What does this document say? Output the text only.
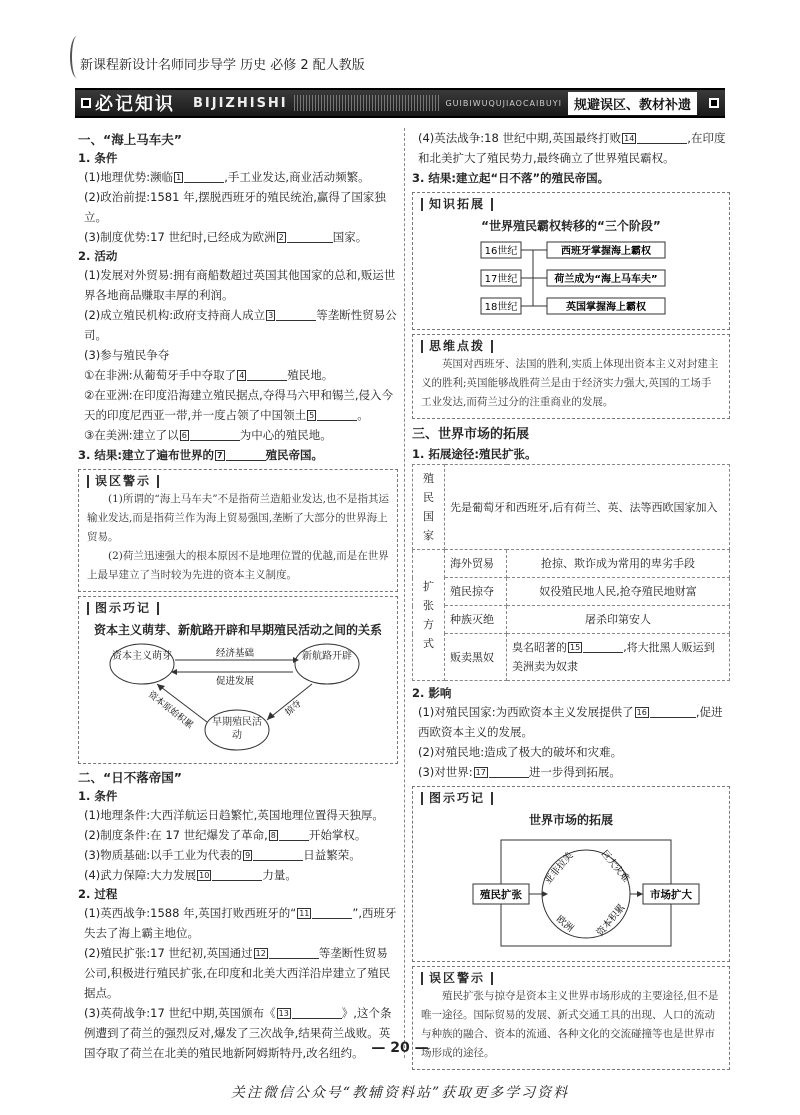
新课程新设计名师同步导学 历史 必修 2 配人教版
必记知识 BIJIZHISHI	GUIBIWUQUJIAOCAIBUYI 规避误区、教材补遗
一、“海上马车夫”
1. 条件
(1)地理优势:濒临 1	,手工业发达,商业活动频繁。
(2)政治前提:1581 年,摆脱西班牙的殖民统治,赢得了国家独立。
(3)制度优势:17 世纪时,已经成为欧洲 2	国家。
2. 活动
(1)发展对外贸易:拥有商船数超过英国其他国家的总和,贩运世界各地商品赚取丰厚的利润。
(2)成立殖民机构:政府支持商人成立 3	等垄断性贸易公司。
(3)参与殖民争夺
①在非洲:从葡萄牙手中夺取了 4	殖民地。
②在亚洲:在印度沿海建立殖民据点,夺得马六甲和锡兰,侵入今天的印度尼西亚一带,并一度占领了中国领土 5	。
③在美洲:建立了以 6	为中心的殖民地。
3. 结果:建立了遍布世界的 7	殖民帝国。
误区警示
(1)所谓的“海上马车夫”不是指荷兰造船业发达,也不是指其运输业发达,而是指荷兰作为海上贸易强国,垄断了大部分的世界海上贸易。
(2)荷兰迅速强大的根本原因不是地理位置的优越,而是在世界上最早建立了当时较为先进的资本主义制度。
图示巧记
资本主义萌芽、新航路开辟和早期殖民活动之间的关系
资本主义萌芽	新航路开辟
早期殖民活动
经济基础
促进发展
资本原始积累	掠夺
二、“日不落帝国”
1. 条件
(1)地理条件:大西洋航运日趋繁忙,英国地理位置得天独厚。
(2)制度条件:在 17 世纪爆发了革命, 8	开始掌权。
(3)物质基础:以手工业为代表的 9	日益繁荣。
(4)武力保障:大力发展 10	力量。
2. 过程
(1)英西战争:1588 年,英国打败西班牙的“ 11	”,西班牙失去了海上霸主地位。
(2)殖民扩张:17 世纪初,英国通过 12	等垄断性贸易公司,积极进行殖民扩张,在印度和北美大西洋沿岸建立了殖民据点。
(3)英荷战争:17 世纪中期,英国颁布《 13	》,这个条例遭到了荷兰的强烈反对,爆发了三次战争,结果荷兰战败。英国夺取了荷兰在北美的殖民地新阿姆斯特丹,改名纽约。
(4)英法战争:18 世纪中期,英国最终打败 14	,在印度和北美扩大了殖民势力,最终确立了世界殖民霸权。
3. 结果:建立起“日不落”的殖民帝国。
知识拓展
“世界殖民霸权转移的“三个阶段”
16世纪	西班牙掌握海上霸权
17世纪	荷兰成为“海上马车夫”
18世纪	英国掌握海上霸权
思维点拨
英国对西班牙、法国的胜利,实质上体现出资本主义对封建主义的胜利;英国能够战胜荷兰是由于经济实力强大,英国的工场手工业发达,而荷兰过分的注重商业的发展。
三、世界市场的拓展
1. 拓展途径:殖民扩张。
殖民国家	先是葡萄牙和西班牙,后有荷兰、英、法等西欧国家加入	
扩张方式	海外贸易	抢掠、欺诈成为常用的卑劣手段
	殖民掠夺	奴役殖民地人民,抢夺殖民地财富
	种族灭绝	屠杀印第安人
	贩卖黑奴	臭名昭著的 15 ,将大批黑人贩运到美洲卖为奴隶
2. 影响
(1)对殖民国家:为西欧资本主义发展提供了 16	,促进西欧资本主义的发展。
(2)对殖民地:造成了极大的破坏和灾难。
(3)对世界: 17	进一步得到拓展。
图示巧记
世界市场的拓展
殖民扩张	市场扩大
亚非拉美 巨大灾难
欧洲 资本积累
误区警示
殖民扩张与掠夺是资本主义世界市场形成的主要途径,但不是唯一途径。国际贸易的发展、新式交通工具的出现、人口的流动与种族的融合、资本的流通、各种文化的交流碰撞等也是世界市场形成的途径。
— 20 —
关注微信公众号“教辅资料站”获取更多学习资料
